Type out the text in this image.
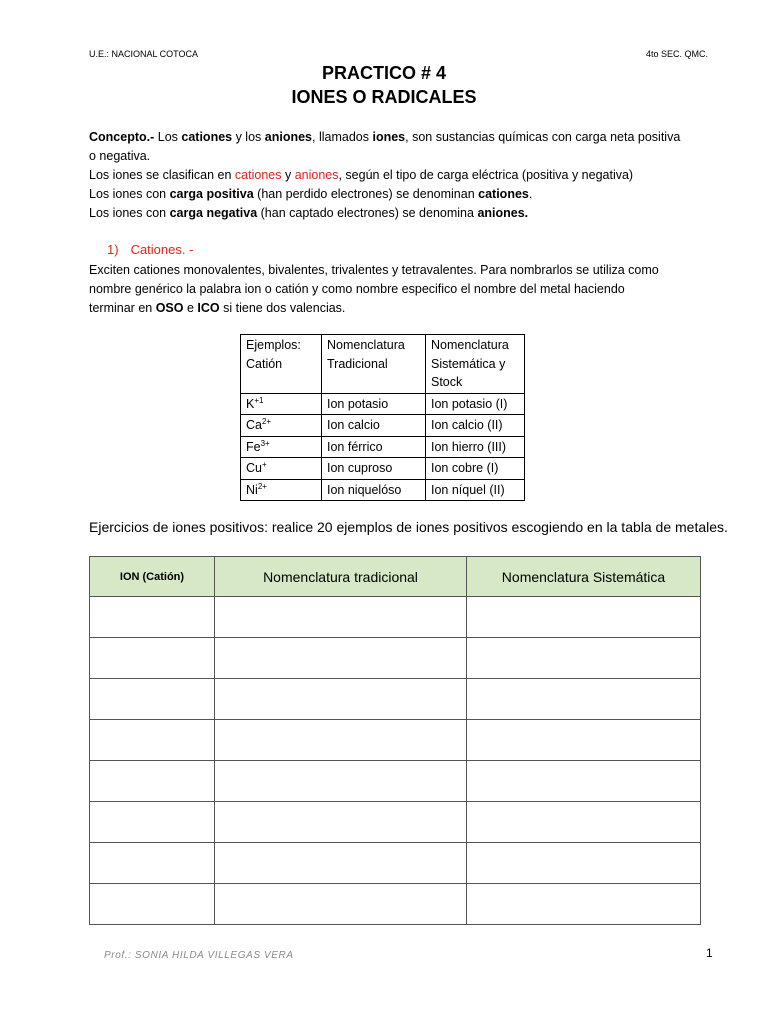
U.E.: NACIONAL COTOCA	4to SEC. QMC.
PRACTICO # 4
IONES O RADICALES
Concepto.- Los cationes y los aniones, llamados iones, son sustancias químicas con carga neta positiva
o negativa.
Los iones se clasifican en cationes y aniones, según el tipo de carga eléctrica (positiva y negativa)
Los iones con carga positiva (han perdido electrones) se denominan cationes.
Los iones con carga negativa (han captado electrones) se denomina aniones.
1) Cationes. -
Exciten cationes monovalentes, bivalentes, trivalentes y tetravalentes. Para nombrarlos se utiliza como
nombre genérico la palabra ion o catión y como nombre especifico el nombre del metal haciendo
terminar en OSO e ICO si tiene dos valencias.
Ejemplos: Catión	Nomenclatura Tradicional	Nomenclatura Sistemática y Stock
$K^{+1}$	Ion potasio	Ion potasio (I)
$Ca^{2+}$	Ion calcio	Ion calcio (II)
$Fe^{3+}$	Ion férrico	Ion hierro (III)
Cu+	Ion cuproso	Ion cobre (I)
$Ni^{2+}$	Ion niquelóso	Ion níquel (II)
Ejercicios de iones positivos: realice 20 ejemplos de iones positivos escogiendo en la tabla de metales.
ION (Catión)	Nomenclatura tradicional	Nomenclatura Sistemática

Prof.: SONIA HILDA VILLEGAS VERA	1
